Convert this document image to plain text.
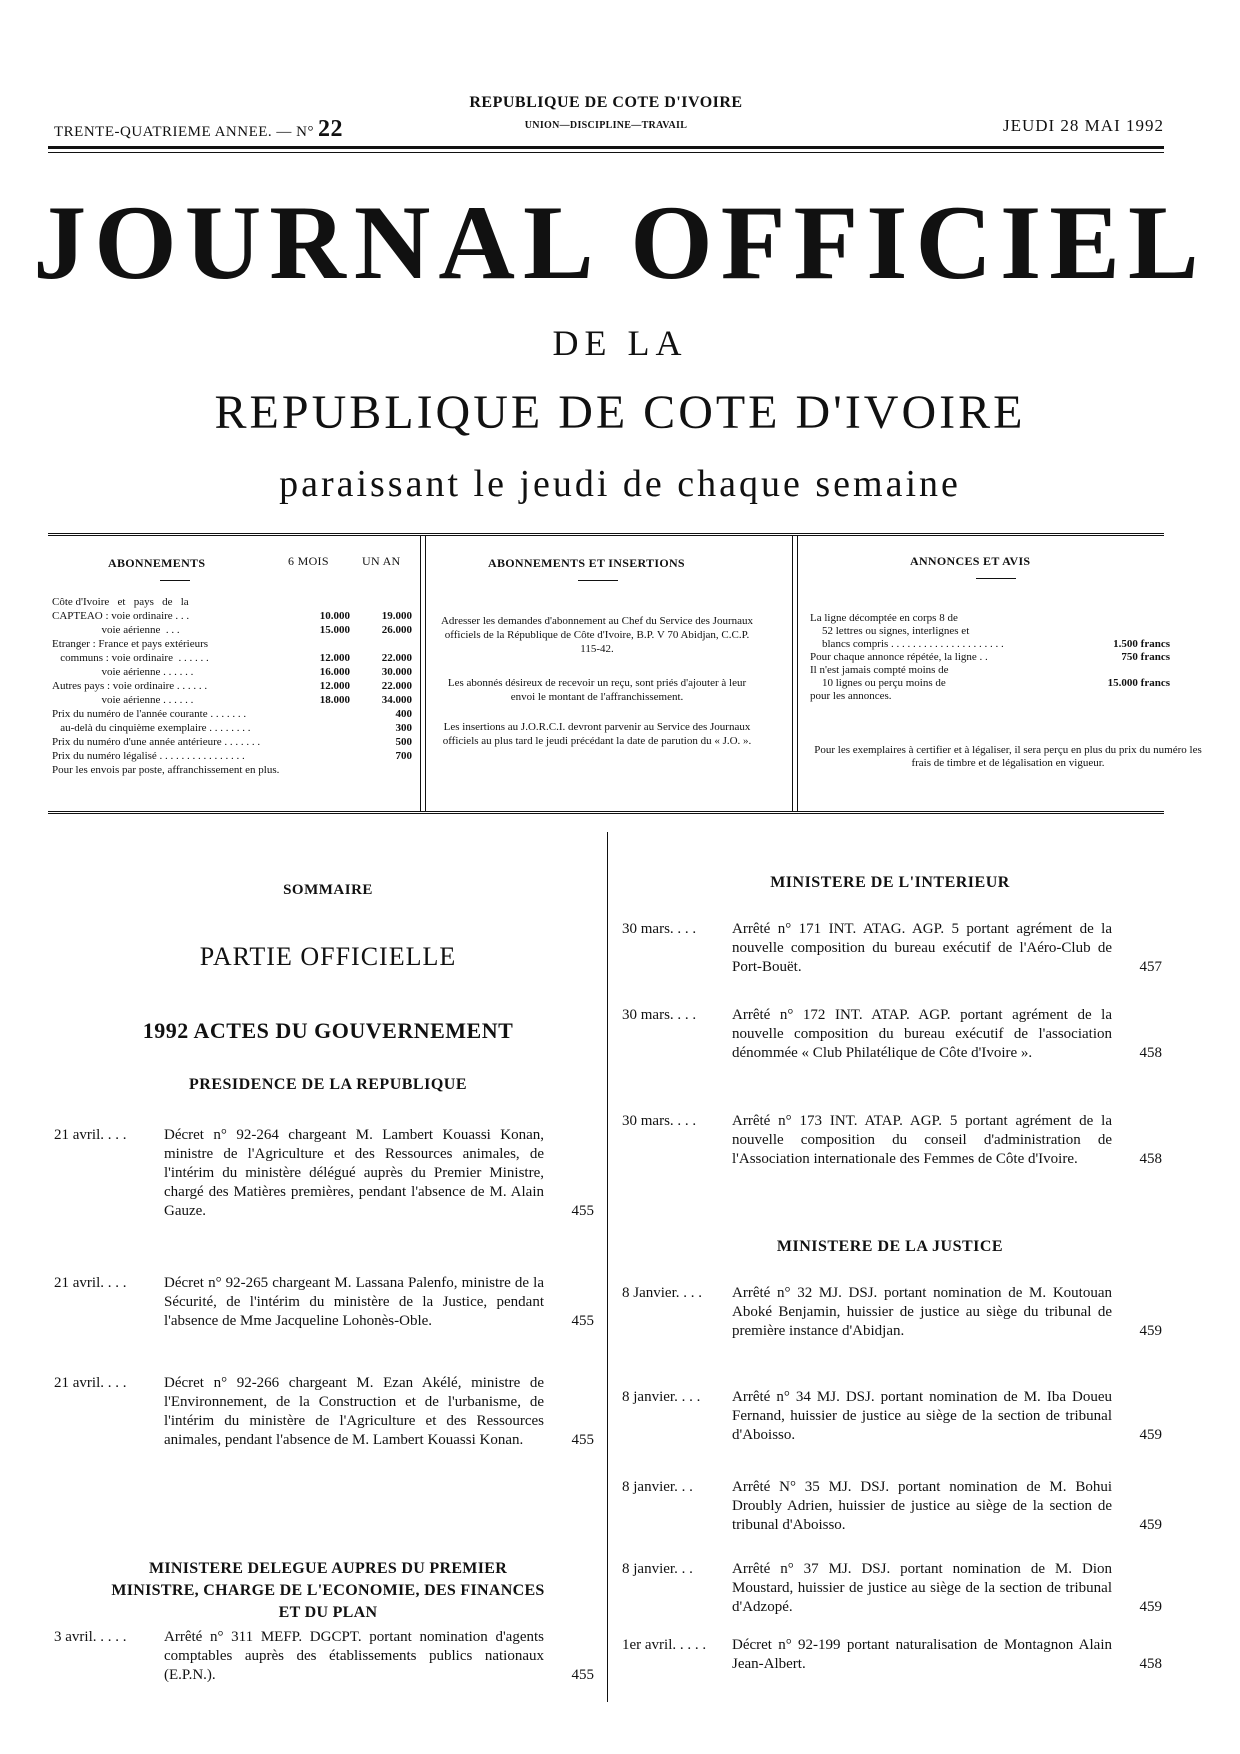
TRENTE-QUATRIEME ANNEE. — N° 22
REPUBLIQUE DE COTE D'IVOIRE
UNION—DISCIPLINE—TRAVAIL	JEUDI 28 MAI 1992
JOURNAL OFFICIEL
DE LA
REPUBLIQUE DE COTE D'IVOIRE
paraissant le jeudi de chaque semaine
ABONNEMENTS	6 MOIS	UN AN
Côte d'Ivoire   et   pays   de   la
CAPTEAO : voie ordinaire . . .	10.000	19.000
voie aérienne  . . .	15.000	26.000
Etranger : France et pays extérieurs
communs : voie ordinaire  . . . . . .	12.000	22.000
voie aérienne . . . . . .	16.000	30.000
Autres pays : voie ordinaire . . . . . .	12.000	22.000
voie aérienne . . . . . .	18.000	34.000
Prix du numéro de l'année courante . . . . . . .	400
au-delà du cinquième exemplaire . . . . . . . .	300
Prix du numéro d'une année antérieure . . . . . . .	500
Prix du numéro légalisé . . . . . . . . . . . . . . . .	700
Pour les envois par poste, affranchissement en plus.
ABONNEMENTS ET INSERTIONS
Adresser les demandes d'abonnement au Chef du Service des Journaux officiels de la République de Côte d'Ivoire, B.P. V 70 Abidjan, C.C.P. 115-42.
Les abonnés désireux de recevoir un reçu, sont priés d'ajouter à leur envoi le montant de l'affranchissement.
Les insertions au J.O.R.C.I. devront parvenir au Service des Journaux officiels au plus tard le jeudi précédant la date de parution du « J.O. ».
ANNONCES ET AVIS
La ligne décomptée en corps 8 de
52 lettres ou signes, interlignes et
blancs compris . . . . . . . . . . . . . . . . . . . . .	1.500 francs
Pour chaque annonce répétée, la ligne . .	750 francs
Il n'est jamais compté moins de
10 lignes ou perçu moins de	15.000 francs
pour les annonces.
Pour les exemplaires à certifier et à légaliser, il sera perçu en plus du prix du numéro les frais de timbre et de légalisation en vigueur.
SOMMAIRE
PARTIE OFFICIELLE
1992 ACTES DU GOUVERNEMENT
PRESIDENCE DE LA REPUBLIQUE
21 avril. . . .	Décret n° 92-264 chargeant M. Lambert Kouassi Konan, ministre de l'Agriculture et des Ressources animales, de l'intérim du ministère délégué auprès du Premier Ministre, chargé des Matières premières, pendant l'absence de M. Alain Gauze.	455
21 avril. . . .	Décret n° 92-265 chargeant M. Lassana Palenfo, ministre de la Sécurité, de l'intérim du ministère de la Justice, pendant l'absence de Mme Jacqueline Lohonès-Oble.	455
21 avril. . . .	Décret n° 92-266 chargeant M. Ezan Akélé, ministre de l'Environnement, de la Construction et de l'urbanisme, de l'intérim du ministère de l'Agriculture et des Ressources animales, pendant l'absence de M. Lambert Kouassi Konan.	455
MINISTERE DELEGUE AUPRES DU PREMIER
MINISTRE, CHARGE DE L'ECONOMIE, DES FINANCES
ET DU PLAN
3 avril. . . . .	Arrêté n° 311 MEFP. DGCPT. portant nomination d'agents comptables auprès des établissements publics nationaux (E.P.N.).	455
MINISTERE DE L'INTERIEUR
30 mars. . . . Arrêté n° 171 INT. ATAG. AGP. 5 portant agrément de la nouvelle composition du bureau exécutif de l'Aéro-Club de Port-Bouët.	457
30 mars. . . . Arrêté n° 172 INT. ATAP. AGP. portant agrément de la nouvelle composition du bureau exécutif de l'association dénommée « Club Philatélique de Côte d'Ivoire ».	458
30 mars. . . . Arrêté n° 173 INT. ATAP. AGP. 5 portant agrément de la nouvelle composition du conseil d'administration de l'Association internationale des Femmes de Côte d'Ivoire.	458
MINISTERE DE LA JUSTICE
8 Janvier. . . . Arrêté n° 32 MJ. DSJ. portant nomination de M. Koutouan Aboké Benjamin, huissier de justice au siège du tribunal de première instance d'Abidjan.	459
8 janvier. . . . Arrêté n° 34 MJ. DSJ. portant nomination de M. Iba Doueu Fernand, huissier de justice au siège de la section de tribunal d'Aboisso.	459
8 janvier. . .	Arrêté N° 35 MJ. DSJ. portant nomination de M. Bohui Droubly Adrien, huissier de justice au siège de la section de tribunal d'Aboisso.	459
8 janvier. . .	Arrêté n° 37 MJ. DSJ. portant nomination de M. Dion Moustard, huissier de justice au siège de la section de tribunal d'Adzopé.	459
1er avril. . . . . Décret n° 92-199 portant naturalisation de Montagnon Alain Jean-Albert.	458
